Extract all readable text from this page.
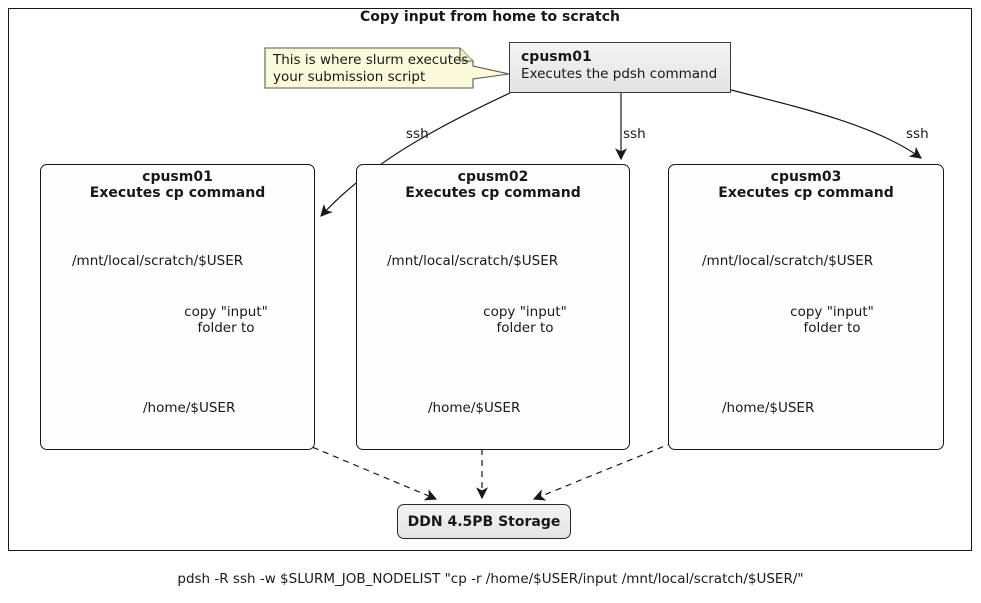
Copy input from home to scratch
This is where slurm executes
your submission script
cpusm01
Executes the pdsh command
ssh	ssh	ssh
cpusm01
Executes cp command
/mnt/local/scratch/$USER
/home/$USER
copy "input"
folder to
cpusm02
Executes cp command
/mnt/local/scratch/$USER
/home/$USER
copy "input"
folder to
cpusm03
Executes cp command
/mnt/local/scratch/$USER
/home/$USER
copy "input"
folder to
DDN 4.5PB Storage
pdsh -R ssh -w $SLURM_JOB_NODELIST "cp -r /home/$USER/input /mnt/local/scratch/$USER/"
